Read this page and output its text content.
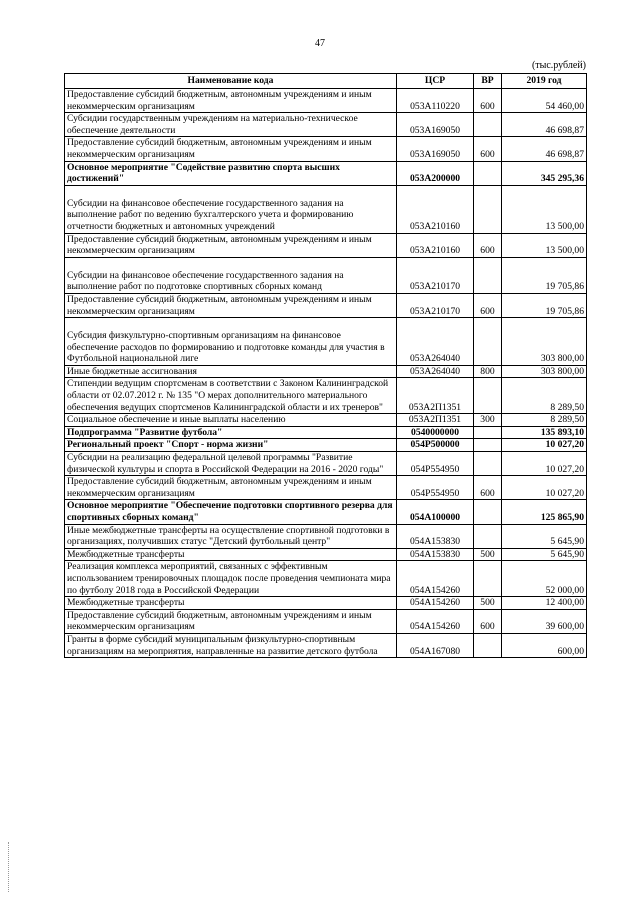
47
(тыс.рублей)
Наименование кода	ЦСР	ВР	2019 год
Предоставление субсидий бюджетным, автономным учреждениям и иным некоммерческим организациям	053А110220	600	54 460,00
Субсидии государственным учреждениям на материально-техническое обеспечение деятельности	053А169050		46 698,87
Предоставление субсидий бюджетным, автономным учреждениям и иным некоммерческим организациям	053А169050	600	46 698,87
Основное мероприятие "Содействие развитию спорта высших достижений"	053А200000		345 295,36
Субсидии на финансовое обеспечение государственного задания на выполнение работ по ведению бухгалтерского учета и формированию отчетности бюджетных и автономных учреждений	053А210160		13 500,00
Предоставление субсидий бюджетным, автономным учреждениям и иным некоммерческим организациям	053А210160	600	13 500,00
Субсидии на финансовое обеспечение государственного задания на выполнение работ по подготовке спортивных сборных команд	053А210170		19 705,86
Предоставление субсидий бюджетным, автономным учреждениям и иным некоммерческим организациям	053А210170	600	19 705,86
Субсидия физкультурно-спортивным организациям на финансовое обеспечение расходов по формированию и подготовке команды для участия в Футбольной национальной лиге	053А264040		303 800,00
Иные бюджетные ассигнования	053А264040	800	303 800,00
Стипендии ведущим спортсменам в соответствии с Законом Калининградской области от 02.07.2012 г. № 135 "О мерах дополнительного материального обеспечения ведущих спортсменов Калининградской области и их тренеров"	053А2П1351		8 289,50
Социальное обеспечение и иные выплаты населению	053А2П1351	300	8 289,50
Подпрограмма "Развитие футбола"	0540000000		135 893,10
Региональный проект "Спорт - норма жизни"	054P500000		10 027,20
Субсидии на реализацию федеральной целевой программы "Развитие физической культуры и спорта в Российской Федерации на 2016 - 2020 годы"	054P554950		10 027,20
Предоставление субсидий бюджетным, автономным учреждениям и иным некоммерческим организациям	054P554950	600	10 027,20
Основное мероприятие "Обеспечение подготовки спортивного резерва для спортивных сборных команд"	054А100000		125 865,90
Иные межбюджетные трансферты на осуществление спортивной подготовки в организациях, получивших статус "Детский футбольный центр"	054А153830		5 645,90
Межбюджетные трансферты	054А153830	500	5 645,90
Реализация комплекса мероприятий, связанных с эффективным использованием тренировочных площадок после проведения чемпионата мира по футболу 2018 года в Российской Федерации	054А154260		52 000,00
Межбюджетные трансферты	054А154260	500	12 400,00
Предоставление субсидий бюджетным, автономным учреждениям и иным некоммерческим организациям	054А154260	600	39 600,00
Гранты в форме субсидий муниципальным физкультурно-спортивным организациям на мероприятия, направленные на развитие детского футбола	054А167080		600,00
